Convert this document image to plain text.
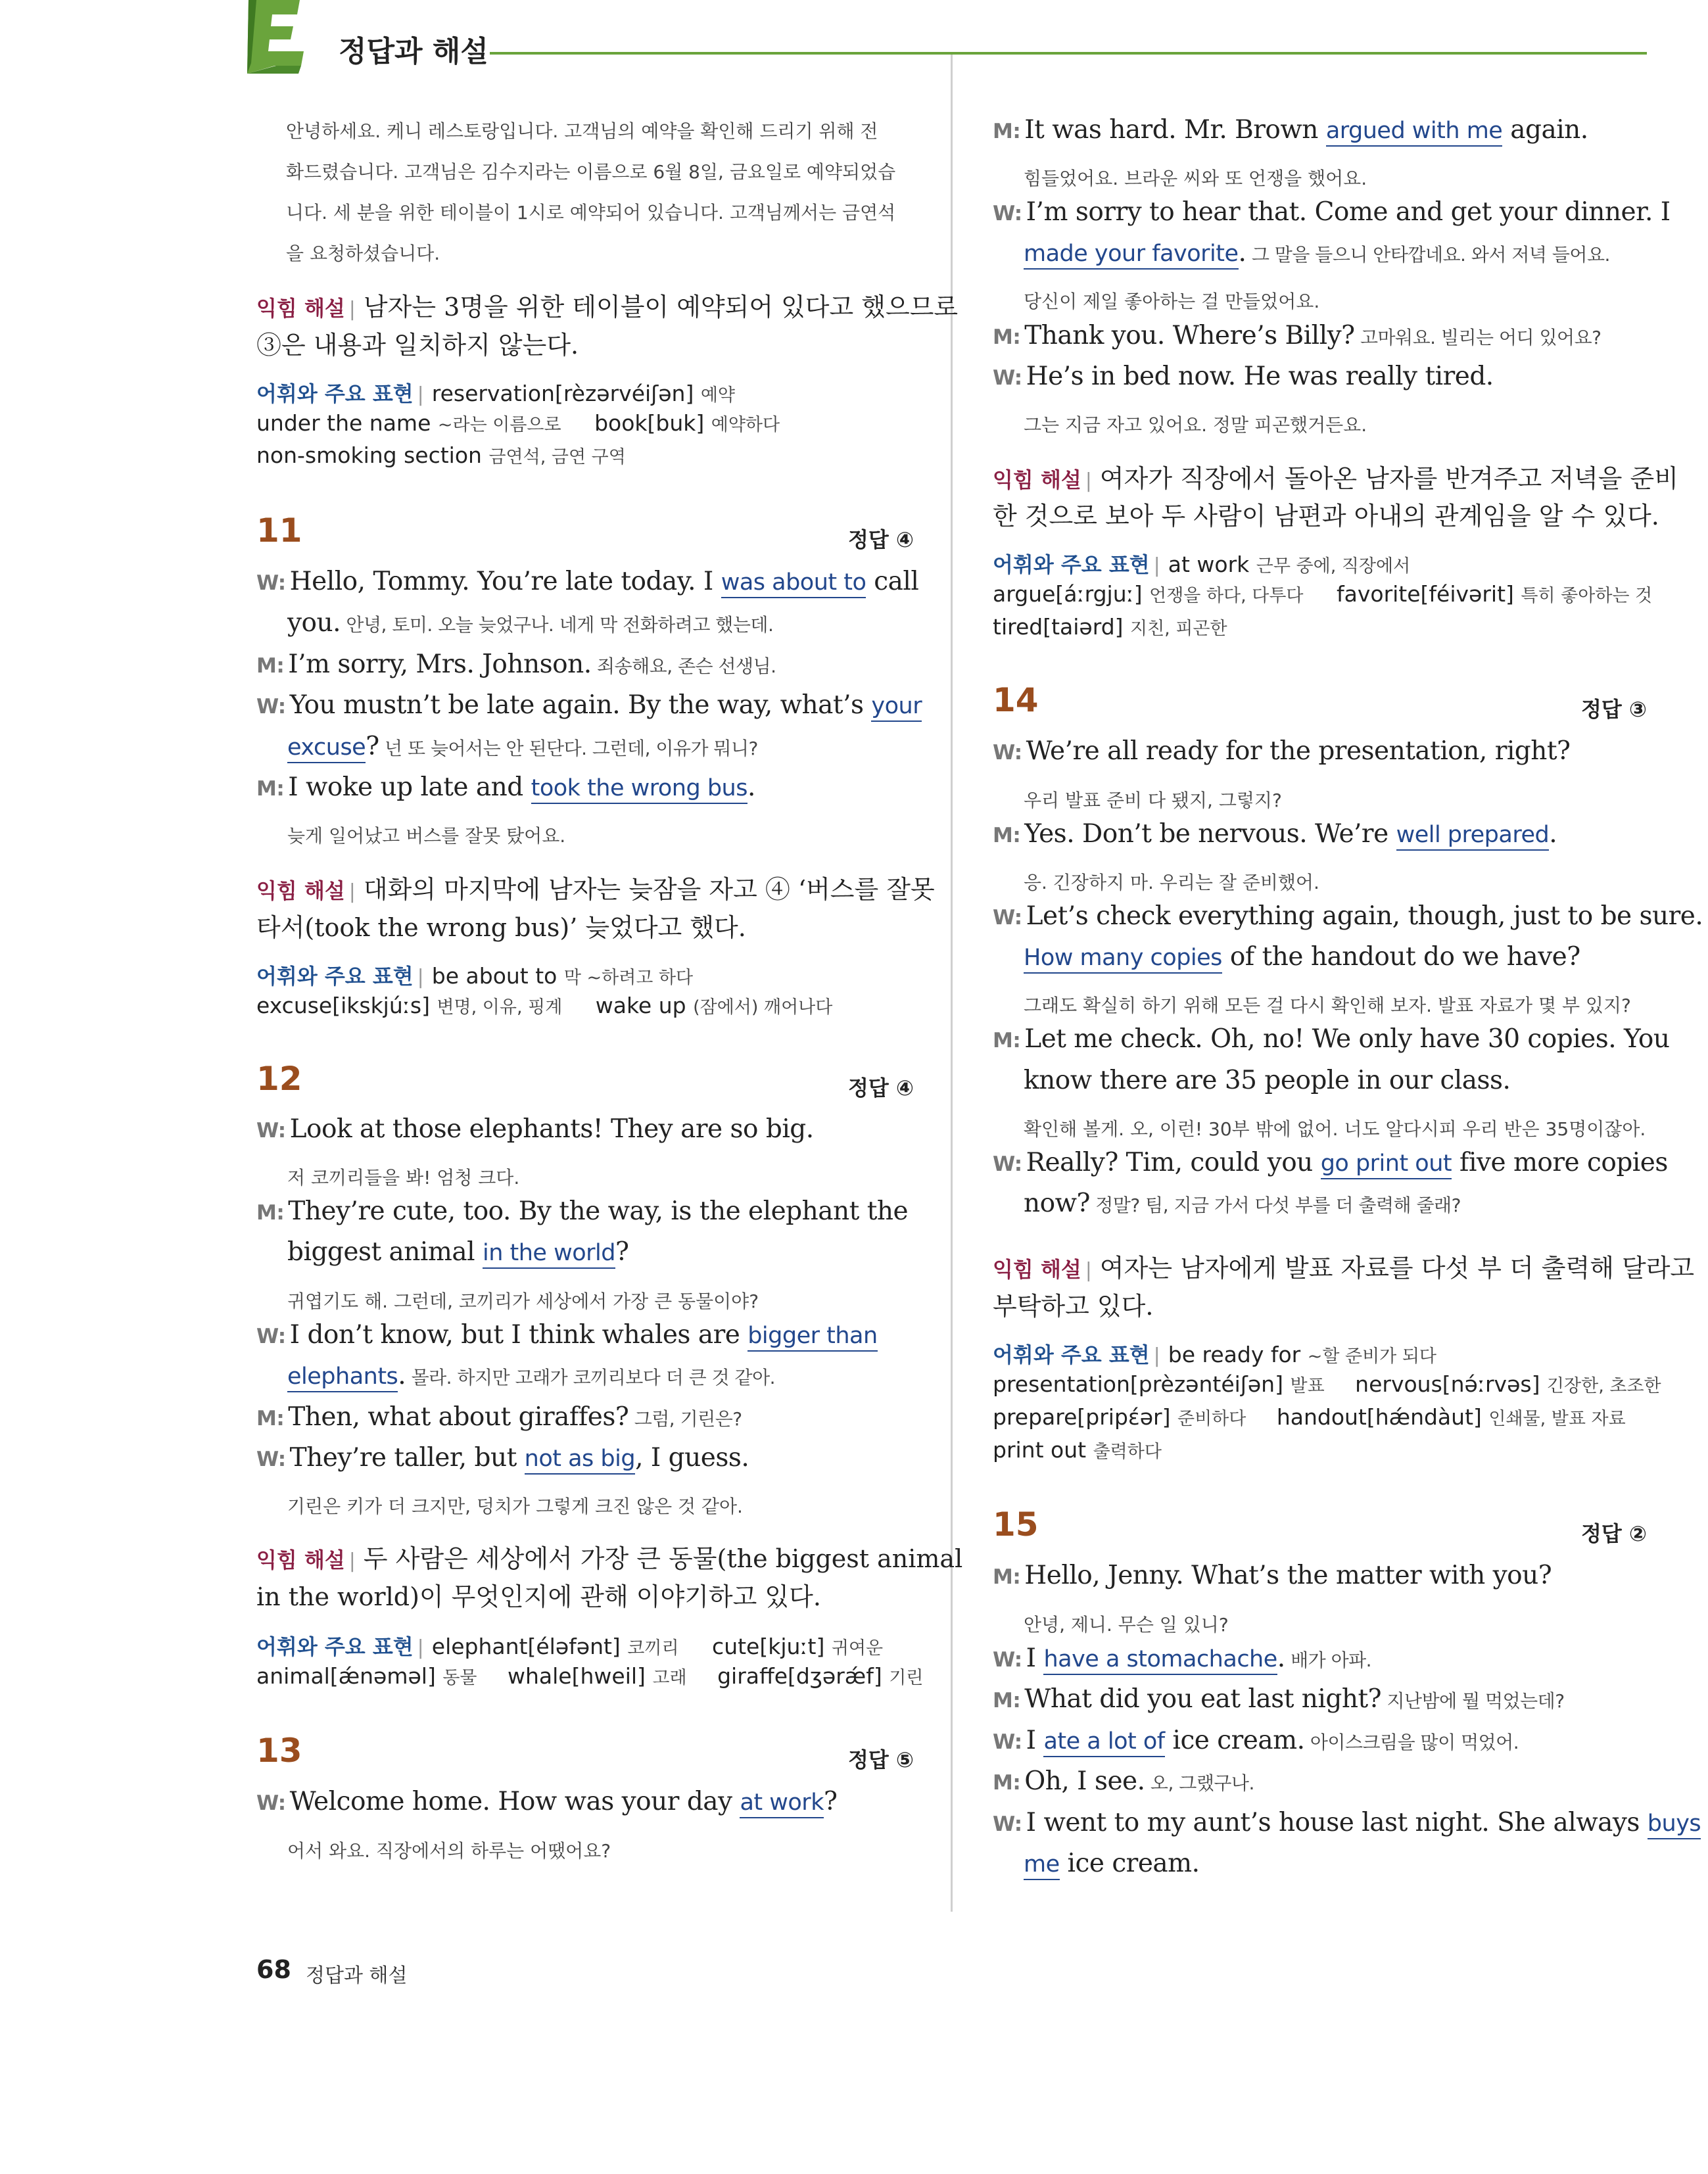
정답과 해설
안녕하세요. 케니 레스토랑입니다. 고객님의 예약을 확인해 드리기 위해 전
화드렸습니다. 고객님은 김수지라는 이름으로 6월 8일, 금요일로 예약되었습
니다. 세 분을 위한 테이블이 1시로 예약되어 있습니다. 고객님께서는 금연석
을 요청하셨습니다.
익힘 해설 | 남자는 3명을 위한 테이블이 예약되어 있다고 했으므로
③은 내용과 일치하지 않는다.
어휘와 주요 표현 | reservation[rèzərvéiʃən] 예약
under the name ~라는 이름으로 book[buk] 예약하다
non-smoking section 금연석, 금연 구역
11	정답 ④
W: Hello, Tommy. You’re late today. I was about to call
you. 안녕, 토미. 오늘 늦었구나. 네게 막 전화하려고 했는데.
M: I’m sorry, Mrs. Johnson. 죄송해요, 존슨 선생님.
W: You mustn’t be late again. By the way, what’s your
excuse? 넌 또 늦어서는 안 된단다. 그런데, 이유가 뭐니?
M: I woke up late and took the wrong bus.
늦게 일어났고 버스를 잘못 탔어요.
익힘 해설 | 대화의 마지막에 남자는 늦잠을 자고 ④ ‘버스를 잘못
타서(took the wrong bus)’ 늦었다고 했다.
어휘와 주요 표현 | be about to 막 ~하려고 하다
excuse[ikskjúːs] 변명, 이유, 핑계 wake up (잠에서) 깨어나다
12	정답 ④
W: Look at those elephants! They are so big.
저 코끼리들을 봐! 엄청 크다.
M: They’re cute, too. By the way, is the elephant the
biggest animal in the world?
귀엽기도 해. 그런데, 코끼리가 세상에서 가장 큰 동물이야?
W: I don’t know, but I think whales are bigger than
elephants. 몰라. 하지만 고래가 코끼리보다 더 큰 것 같아.
M: Then, what about giraffes? 그럼, 기린은?
W: They’re taller, but not as big, I guess.
기린은 키가 더 크지만, 덩치가 그렇게 크진 않은 것 같아.
익힘 해설 | 두 사람은 세상에서 가장 큰 동물(the biggest animal
in the world)이 무엇인지에 관해 이야기하고 있다.
어휘와 주요 표현 | elephant[éləfənt] 코끼리 cute[kjuːt] 귀여운
animal[ǽnəməl] 동물 whale[hweil] 고래 giraffe[dʒərǽf] 기린
13	정답 ⑤
W: Welcome home. How was your day at work?
어서 와요. 직장에서의 하루는 어땠어요?
M: It was hard. Mr. Brown argued with me again.
힘들었어요. 브라운 씨와 또 언쟁을 했어요.
W: I’m sorry to hear that. Come and get your dinner. I
made your favorite. 그 말을 들으니 안타깝네요. 와서 저녁 들어요.
당신이 제일 좋아하는 걸 만들었어요.
M: Thank you. Where’s Billy? 고마워요. 빌리는 어디 있어요?
W: He’s in bed now. He was really tired.
그는 지금 자고 있어요. 정말 피곤했거든요.
익힘 해설 | 여자가 직장에서 돌아온 남자를 반겨주고 저녁을 준비
한 것으로 보아 두 사람이 남편과 아내의 관계임을 알 수 있다.
어휘와 주요 표현 | at work 근무 중에, 직장에서
argue[áːrgjuː] 언쟁을 하다, 다투다 favorite[féivərit] 특히 좋아하는 것
tired[taiərd] 지친, 피곤한
14	정답 ③
W: We’re all ready for the presentation, right?
우리 발표 준비 다 됐지, 그렇지?
M: Yes. Don’t be nervous. We’re well prepared.
응. 긴장하지 마. 우리는 잘 준비했어.
W: Let’s check everything again, though, just to be sure.
How many copies of the handout do we have?
그래도 확실히 하기 위해 모든 걸 다시 확인해 보자. 발표 자료가 몇 부 있지?
M: Let me check. Oh, no! We only have 30 copies. You
know there are 35 people in our class.
확인해 볼게. 오, 이런! 30부 밖에 없어. 너도 알다시피 우리 반은 35명이잖아.
W: Really? Tim, could you go print out five more copies
now? 정말? 팀, 지금 가서 다섯 부를 더 출력해 줄래?
익힘 해설 | 여자는 남자에게 발표 자료를 다섯 부 더 출력해 달라고
부탁하고 있다.
어휘와 주요 표현 | be ready for ~할 준비가 되다
presentation[prèzəntéiʃən] 발표 nervous[nə́ːrvəs] 긴장한, 초조한
prepare[pripέər] 준비하다 handout[hǽndàut] 인쇄물, 발표 자료
print out 출력하다
15	정답 ②
M: Hello, Jenny. What’s the matter with you?
안녕, 제니. 무슨 일 있니?
W: I have a stomachache. 배가 아파.
M: What did you eat last night? 지난밤에 뭘 먹었는데?
W: I ate a lot of ice cream. 아이스크림을 많이 먹었어.
M: Oh, I see. 오, 그랬구나.
W: I went to my aunt’s house last night. She always buys
me ice cream.
68 정답과 해설
